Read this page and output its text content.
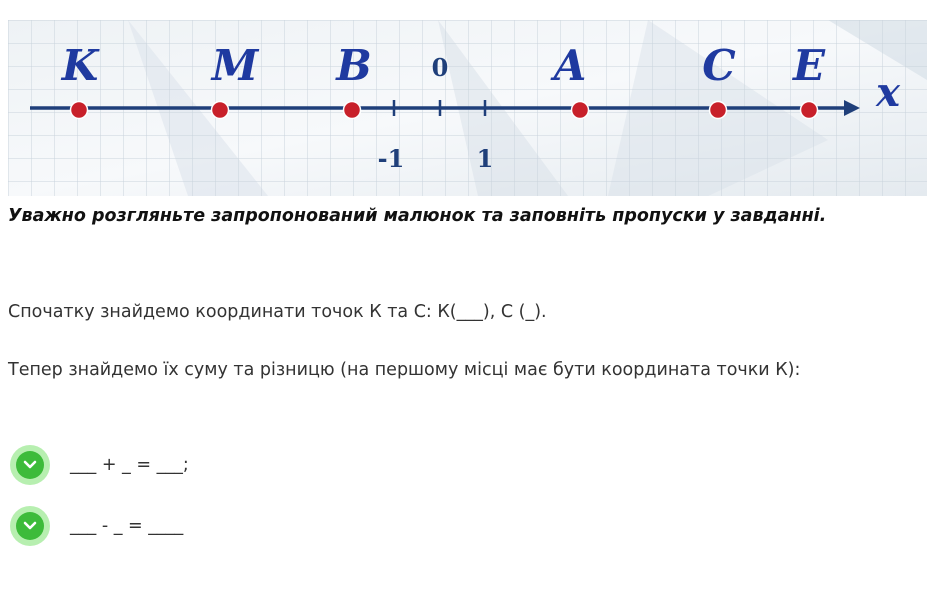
-1
0
1
K	M B	A	C E
x
Уважно розгляньте запропонований малюнок та заповніть пропуски у завданні.
Спочатку знайдемо координати точок К та С: К(___), С (_).
Тепер знайдемо їх суму та різницю (на першому місці має бути координата точки К):
___ + _ = ___;
___ - _ = ____
